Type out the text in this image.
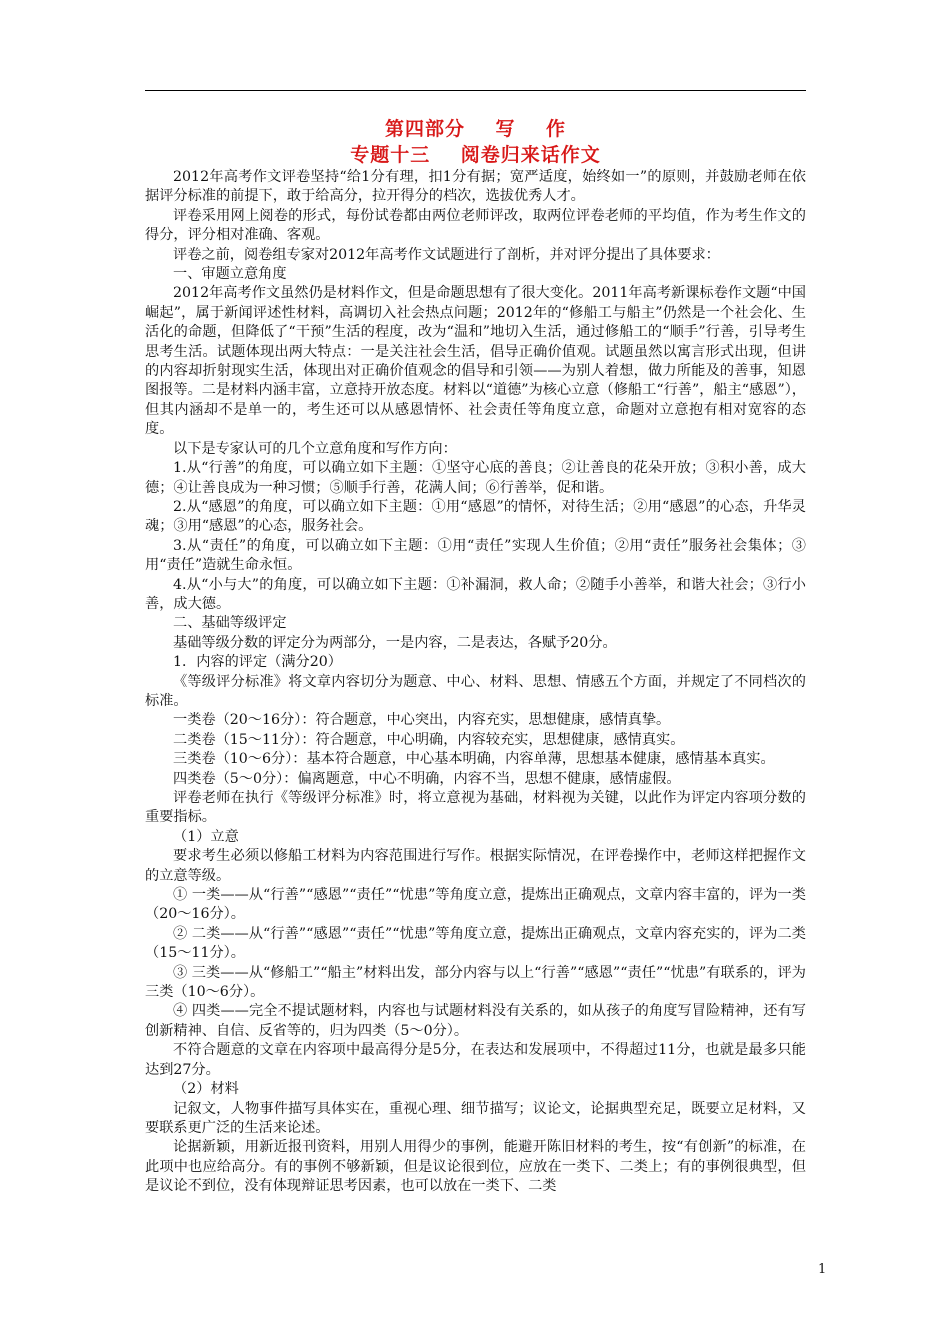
第四部分    写    作
专题十三    阅卷归来话作文

2012年高考作文评卷坚持“给1分有理，扣1分有据；宽严适度，始终如一”的原则，并鼓励老师在依据评分标准的前提下，敢于给高分，拉开得分的档次，选拔优秀人才。

评卷采用网上阅卷的形式，每份试卷都由两位老师评改，取两位评卷老师的平均值，作为考生作文的得分，评分相对准确、客观。

评卷之前，阅卷组专家对2012年高考作文试题进行了剖析，并对评分提出了具体要求：

一、审题立意角度

2012年高考作文虽然仍是材料作文，但是命题思想有了很大变化。2011年高考新课标卷作文题“中国崛起”，属于新闻评述性材料，高调切入社会热点问题；2012年的“修船工与船主”仍然是一个社会化、生活化的命题，但降低了“干预”生活的程度，改为“温和”地切入生活，通过修船工的“顺手”行善，引导考生思考生活。试题体现出两大特点：一是关注社会生活，倡导正确价值观。试题虽然以寓言形式出现，但讲的内容却折射现实生活，体现出对正确价值观念的倡导和引领——为别人着想，做力所能及的善事，知恩图报等。二是材料内涵丰富，立意持开放态度。材料以“道德”为核心立意（修船工“行善”，船主“感恩”），但其内涵却不是单一的，考生还可以从感恩情怀、社会责任等角度立意，命题对立意抱有相对宽容的态度。

以下是专家认可的几个立意角度和写作方向：

1.从“行善”的角度，可以确立如下主题：①坚守心底的善良；②让善良的花朵开放；③积小善，成大德；④让善良成为一种习惯；⑤顺手行善，花满人间；⑥行善举，促和谐。

2.从“感恩”的角度，可以确立如下主题：①用“感恩”的情怀，对待生活；②用“感恩”的心态，升华灵魂；③用“感恩”的心态，服务社会。

3.从“责任”的角度，可以确立如下主题：①用“责任”实现人生价值；②用“责任”服务社会集体；③用“责任”造就生命永恒。

4.从“小与大”的角度，可以确立如下主题：①补漏洞，救人命；②随手小善举，和谐大社会；③行小善，成大德。

二、基础等级评定

基础等级分数的评定分为两部分，一是内容，二是表达，各赋予20分。

1．内容的评定（满分20）

《等级评分标准》将文章内容切分为题意、中心、材料、思想、情感五个方面，并规定了不同档次的标准。

一类卷（20～16分）：符合题意，中心突出，内容充实，思想健康，感情真挚。

二类卷（15～11分）：符合题意，中心明确，内容较充实，思想健康，感情真实。

三类卷（10～6分）：基本符合题意，中心基本明确，内容单薄，思想基本健康，感情基本真实。

四类卷（5～0分）：偏离题意，中心不明确，内容不当，思想不健康，感情虚假。

评卷老师在执行《等级评分标准》时，将立意视为基础，材料视为关键，以此作为评定内容项分数的重要指标。

（1）立意

要求考生必须以修船工材料为内容范围进行写作。根据实际情况，在评卷操作中，老师这样把握作文的立意等级。

① 一类——从“行善”“感恩”“责任”“忧患”等角度立意，提炼出正确观点，文章内容丰富的，评为一类（20～16分）。

② 二类——从“行善”“感恩”“责任”“忧患”等角度立意，提炼出正确观点，文章内容充实的，评为二类（15～11分）。

③ 三类——从“修船工”“船主”材料出发，部分内容与以上“行善”“感恩”“责任”“忧患”有联系的，评为三类（10～6分）。

④ 四类——完全不提试题材料，内容也与试题材料没有关系的，如从孩子的角度写冒险精神，还有写创新精神、自信、反省等的，归为四类（5～0分）。

不符合题意的文章在内容项中最高得分是5分，在表达和发展项中，不得超过11分，也就是最多只能达到27分。

（2）材料

记叙文，人物事件描写具体实在，重视心理、细节描写；议论文，论据典型充足，既要立足材料，又要联系更广泛的生活来论述。

论据新颖，用新近报刊资料，用别人用得少的事例，能避开陈旧材料的考生，按“有创新”的标准，在此项中也应给高分。有的事例不够新颖，但是议论很到位，应放在一类下、二类上；有的事例很典型，但是议论不到位，没有体现辩证思考因素，也可以放在一类下、二类

1
